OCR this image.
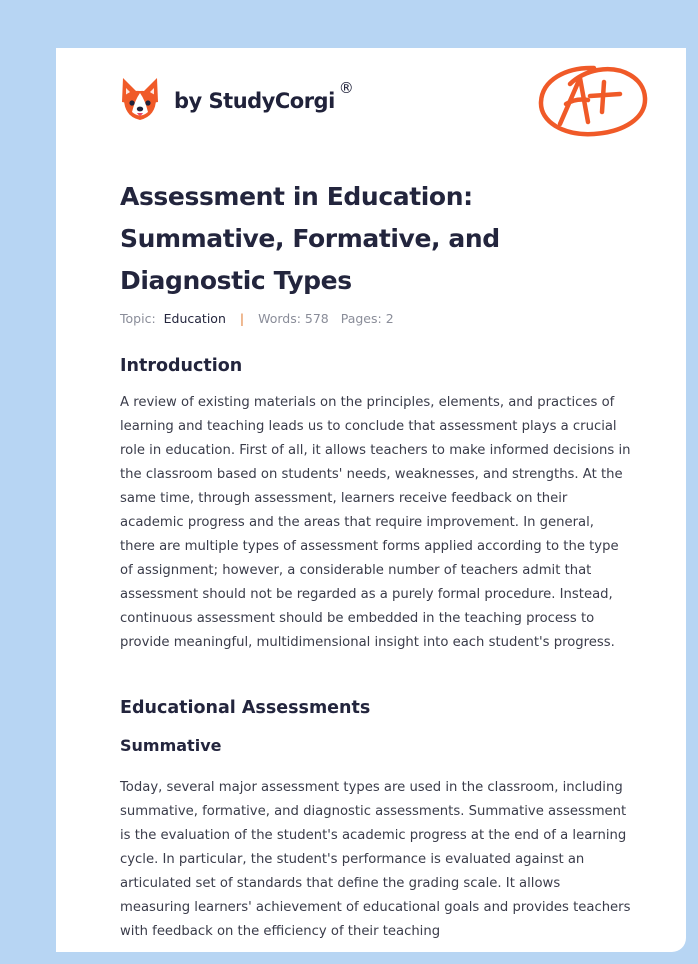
by StudyCorgi
®
Assessment in Education: Summative, Formative, and Diagnostic Types
Topic: Education | Words: 578 Pages: 2
Introduction

A review of existing materials on the principles, elements, and practices of learning and teaching leads us to conclude that assessment plays a crucial role in education. First of all, it allows teachers to make informed decisions in the classroom based on students' needs, weaknesses, and strengths. At the same time, through assessment, learners receive feedback on their academic progress and the areas that require improvement. In general, there are multiple types of assessment forms applied according to the type of assignment; however, a considerable number of teachers admit that assessment should not be regarded as a purely formal procedure. Instead, continuous assessment should be embedded in the teaching process to provide meaningful, multidimensional insight into each student's progress.

Educational Assessments
Summative

Today, several major assessment types are used in the classroom, including summative, formative, and diagnostic assessments. Summative assessment is the evaluation of the student's academic progress at the end of a learning cycle. In particular, the student's performance is evaluated against an articulated set of standards that define the grading scale. It allows measuring learners' achievement of educational goals and provides teachers with feedback on the efficiency of their teaching
